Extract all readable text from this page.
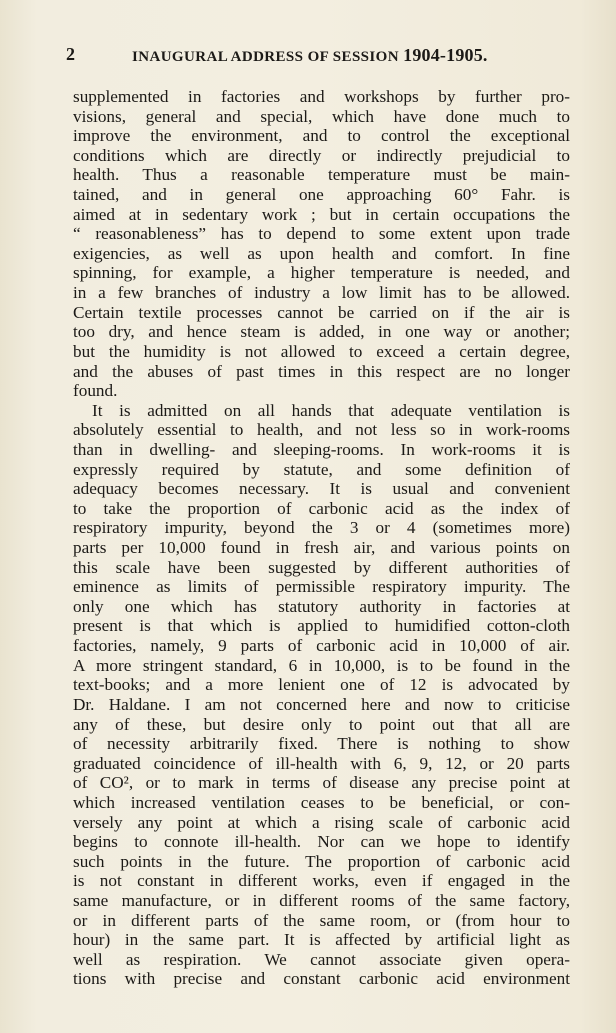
2	INAUGURAL ADDRESS OF SESSION 1904-1905.
supplemented in factories and workshops by further pro-
visions, general and special, which have done much to
improve the environment, and to control the exceptional
conditions which are directly or indirectly prejudicial to
health. Thus a reasonable temperature must be main-
tained, and in general one approaching 60° Fahr. is
aimed at in sedentary work ; but in certain occupations the
“ reasonableness” has to depend to some extent upon trade
exigencies, as well as upon health and comfort. In fine
spinning, for example, a higher temperature is needed, and
in a few branches of industry a low limit has to be allowed.
Certain textile processes cannot be carried on if the air is
too dry, and hence steam is added, in one way or another;
but the humidity is not allowed to exceed a certain degree,
and the abuses of past times in this respect are no longer
found.
It is admitted on all hands that adequate ventilation is
absolutely essential to health, and not less so in work-rooms
than in dwelling- and sleeping-rooms. In work-rooms it is
expressly required by statute, and some definition of
adequacy becomes necessary. It is usual and convenient
to take the proportion of carbonic acid as the index of
respiratory impurity, beyond the 3 or 4 (sometimes more)
parts per 10,000 found in fresh air, and various points on
this scale have been suggested by different authorities of
eminence as limits of permissible respiratory impurity. The
only one which has statutory authority in factories at
present is that which is applied to humidified cotton-cloth
factories, namely, 9 parts of carbonic acid in 10,000 of air.
A more stringent standard, 6 in 10,000, is to be found in the
text-books; and a more lenient one of 12 is advocated by
Dr. Haldane. I am not concerned here and now to criticise
any of these, but desire only to point out that all are
of necessity arbitrarily fixed. There is nothing to show
graduated coincidence of ill-health with 6, 9, 12, or 20 parts
of CO², or to mark in terms of disease any precise point at
which increased ventilation ceases to be beneficial, or con-
versely any point at which a rising scale of carbonic acid
begins to connote ill-health. Nor can we hope to identify
such points in the future. The proportion of carbonic acid
is not constant in different works, even if engaged in the
same manufacture, or in different rooms of the same factory,
or in different parts of the same room, or (from hour to
hour) in the same part. It is affected by artificial light as
well as respiration. We cannot associate given opera-
tions with precise and constant carbonic acid environment
